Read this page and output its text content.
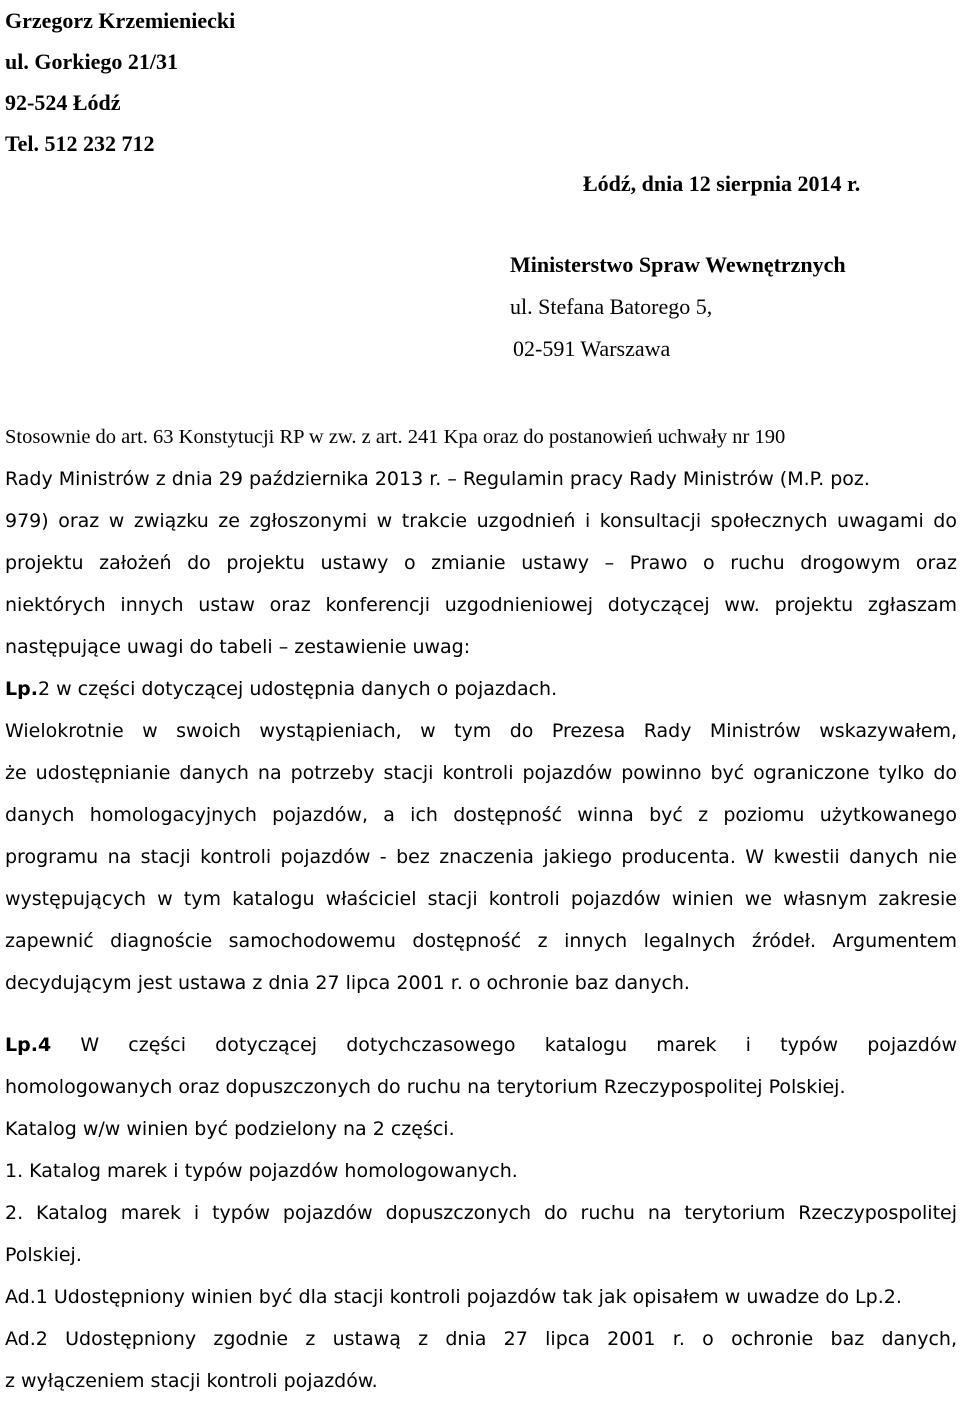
Grzegorz Krzemieniecki
ul. Gorkiego 21/31
92-524 Łódź
Tel. 512 232 712
Łódź, dnia 12 sierpnia 2014 r.
Ministerstwo Spraw Wewnętrznych
ul. Stefana Batorego 5,
02-591 Warszawa
Stosownie do art. 63 Konstytucji RP w zw. z art. 241 Kpa oraz do postanowień uchwały nr 190
Rady Ministrów z dnia 29 października 2013 r. – Regulamin pracy Rady Ministrów (M.P. poz.
979) oraz w związku ze zgłoszonymi w trakcie uzgodnień i konsultacji społecznych uwagami do
projektu założeń do projektu ustawy o zmianie ustawy – Prawo o ruchu drogowym oraz
niektórych innych ustaw oraz konferencji uzgodnieniowej dotyczącej ww. projektu zgłaszam
następujące uwagi do tabeli – zestawienie uwag:
Lp.2 w części dotyczącej udostępnia danych o pojazdach.
Wielokrotnie w swoich wystąpieniach, w tym do Prezesa Rady Ministrów wskazywałem,
że udostępnianie danych na potrzeby stacji kontroli pojazdów powinno być ograniczone tylko do
danych homologacyjnych pojazdów, a ich dostępność winna być z poziomu użytkowanego
programu na stacji kontroli pojazdów - bez znaczenia jakiego producenta. W kwestii danych nie
występujących w tym katalogu właściciel stacji kontroli pojazdów winien we własnym zakresie
zapewnić diagnoście samochodowemu dostępność z innych legalnych źródeł. Argumentem
decydującym jest ustawa z dnia 27 lipca 2001 r. o ochronie baz danych.
Lp.4 W części dotyczącej dotychczasowego katalogu marek i typów pojazdów
homologowanych oraz dopuszczonych do ruchu na terytorium Rzeczypospolitej Polskiej.
Katalog w/w winien być podzielony na 2 części.
1. Katalog marek i typów pojazdów homologowanych.
2. Katalog marek i typów pojazdów dopuszczonych do ruchu na terytorium Rzeczypospolitej
Polskiej.
Ad.1 Udostępniony winien być dla stacji kontroli pojazdów tak jak opisałem w uwadze do Lp.2.
Ad.2 Udostępniony zgodnie z ustawą z dnia 27 lipca 2001 r. o ochronie baz danych,
z wyłączeniem stacji kontroli pojazdów.
